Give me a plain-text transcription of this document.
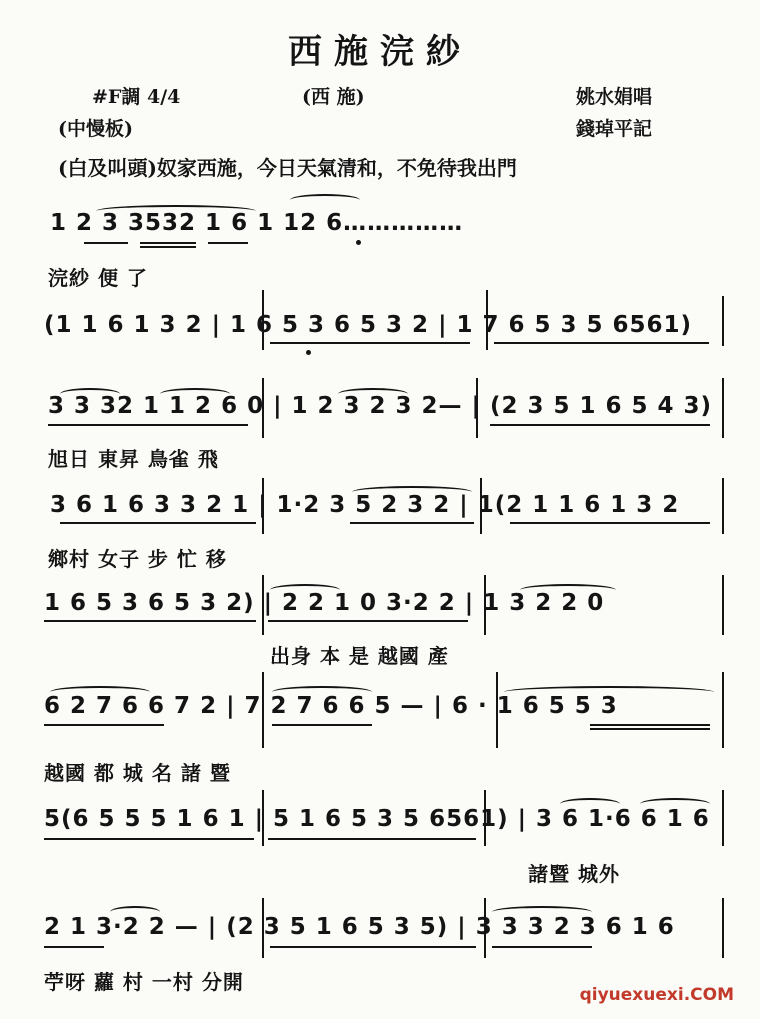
西施浣紗
#F調 4/4	(西 施)	姚水娟唱
(中慢板)	錢琸平記
(白及叫頭)奴家西施，今日天氣清和，不免待我出門
1 2 3 3532 1 6 1 12 6……………
浣紗 便 了
(1 1 6 1 3 2 | 1 6 5 3 6 5 3 2 | 1 7 6 5 3 5 6561)
3 3 32 1 1 2 6 0 | 1 2 3 2 3 2— | (2 3 5 1 6 5 4 3)
旭日 東昇 鳥雀 飛
3 6 1 6 3 3 2 1 | 1·2 3 5 2 3 2 | 1(2 1 1 6 1 3 2
鄉村 女子 步 忙 移
1 6 5 3 6 5 3 2) | 2 2 1 0 3·2 2 | 1 3 2 2 0
出身 本 是 越國 產
6 2 7 6 6 7 2 | 7 2 7 6 6 5 — | 6 · 1 6 5 5 3
越國 都 城 名 諸 暨
5(6 5 5 5 1 6 1 | 5 1 6 5 3 5 6561) | 3 6 1·6 6 1 6
諸暨 城外
2 1 3·2 2 — | (2 3 5 1 6 5 3 5) | 3 3 3 2 3 6 1 6
苧呀 蘿 村 一村 分開
qiyuexuexi.COM
